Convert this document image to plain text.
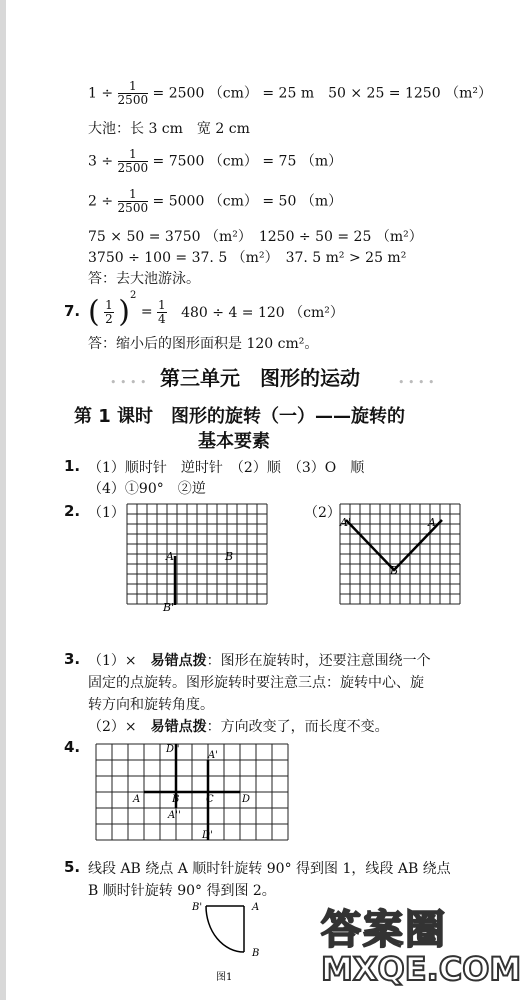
$1 \div \frac{1}{2500} = 2500$ （cm） = 25 m　50 × 25 = 1250 （m²）
大池：长 3 cm　宽 2 cm
$3 \div \frac{1}{2500} = 7500$ （cm） = 75 （m）
$2 \div \frac{1}{2500} = 5000$ （cm） = 50 （m）
75 × 50 = 3750 （m²）　1250 ÷ 50 = 25 （m²）
3750 ÷ 100 = 37. 5 （m²）　37. 5 m² > 25 m²
答：去大池游泳。
7. ( $\frac{1}{2} )^2 = \frac{1}{4} 480 \div 4 = 120$ （cm²）
答：缩小后的图形面积是 120 cm²。
• • • • 第三单元　图形的运动	• • • •
第 1 课时　图形的旋转（一）——旋转的
基本要素
1. （1）顺时针　逆时针　（2）顺　（3）O　顺
（4）①90°　②逆
2. （1）	（2）
A	B
B'
A'	A
B
3. （1）×　易错点拨：图形在旋转时，还要注意围绕一个
固定的点旋转。图形旋转时要注意三点：旋转中心、旋
转方向和旋转角度。
（2）×　易错点拨：方向改变了，而长度不变。
4.	D''
A'
A	B	C	D
A''
D'
5. 线段 AB 绕点 A 顺时针旋转 90° 得到图 1，线段 AB 绕点
B 顺时针旋转 90° 得到图 2。
B'	A
B
图1
答案圈
MXQE.COM
